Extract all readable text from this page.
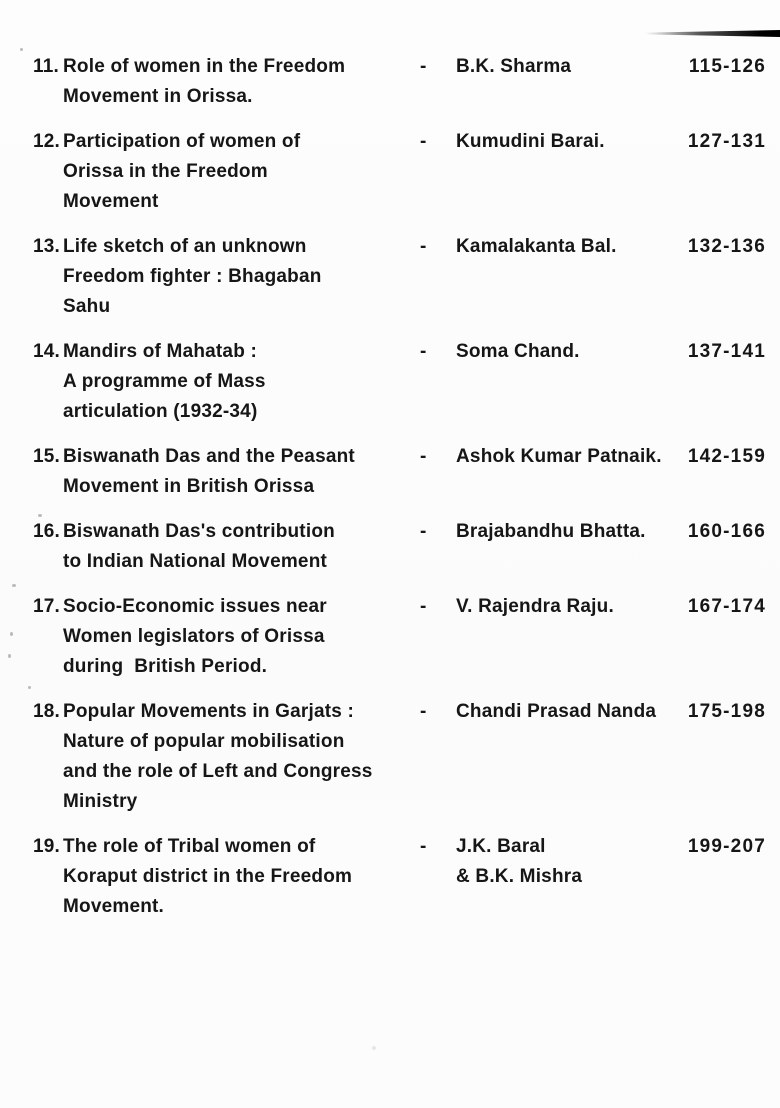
11. Role of women in the Freedom
Movement in Orissa.
-	B.K. Sharma	115-126
12. Participation of women of
Orissa in the Freedom
Movement
-	Kumudini Barai.	127-131
13. Life sketch of an unknown
Freedom fighter : Bhagaban
Sahu
-	Kamalakanta Bal.	132-136
14. Mandirs of Mahatab :
A programme of Mass
articulation (1932-34)
-	Soma Chand.	137-141
15. Biswanath Das and the Peasant
Movement in British Orissa
-	Ashok Kumar Patnaik. 142-159
16. Biswanath Das's contribution
to Indian National Movement
-	Brajabandhu Bhatta. 160-166
17. Socio-Economic issues near
Women legislators of Orissa
during  British Period.
-	V. Rajendra Raju.	167-174
18. Popular Movements in Garjats :
Nature of popular mobilisation
and the role of Left and Congress
Ministry
-	Chandi Prasad Nanda 175-198
19. The role of Tribal women of
Koraput district in the Freedom
Movement.
-	J.K. Baral
& B.K. Mishra
199-207
